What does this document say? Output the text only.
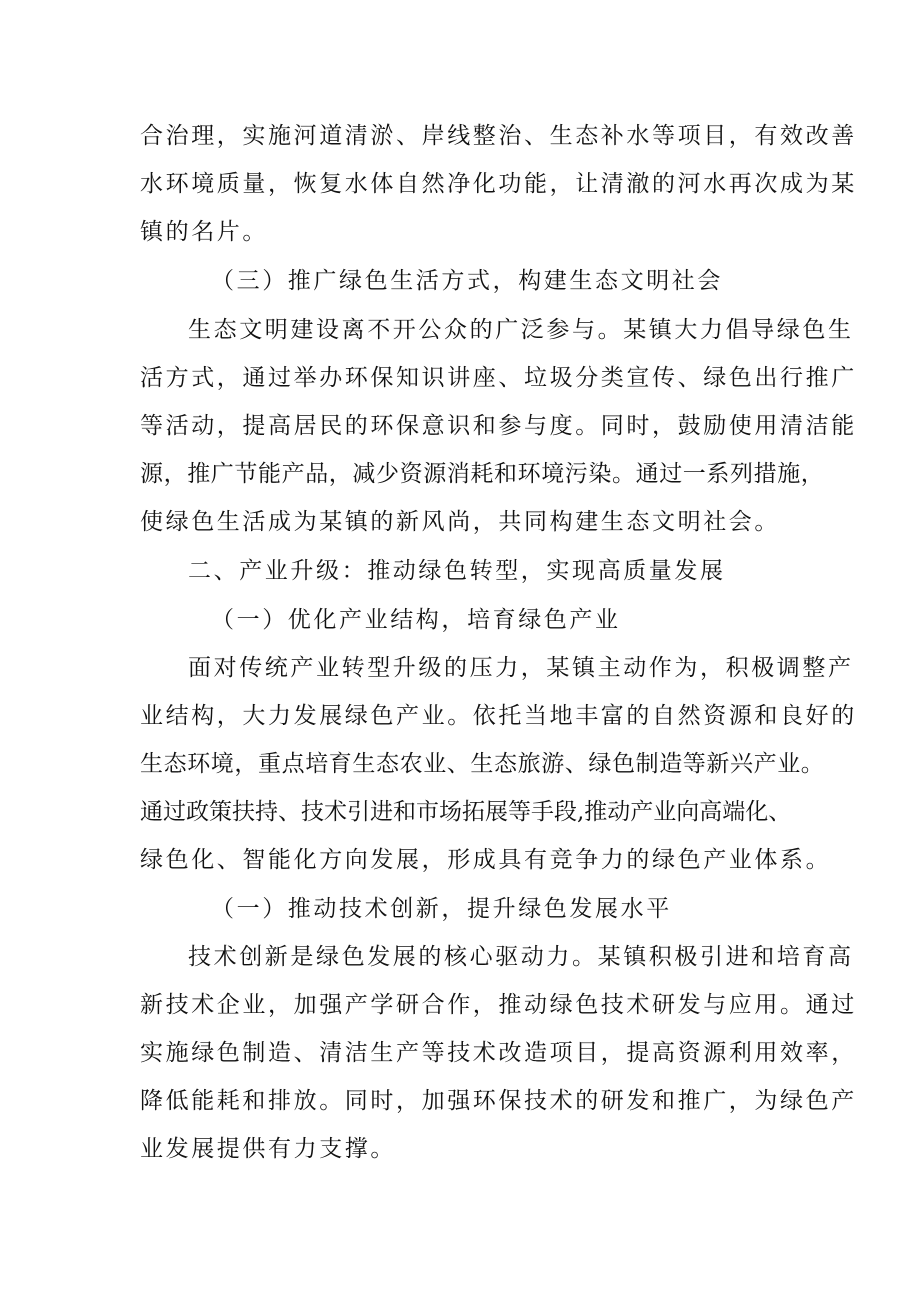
合治理，实施河道清淤、岸线整治、生态补水等项目，有效改善
水环境质量，恢复水体自然净化功能，让清澈的河水再次成为某
镇的名片。
（三）推广绿色生活方式，构建生态文明社会
生态文明建设离不开公众的广泛参与。某镇大力倡导绿色生
活方式，通过举办环保知识讲座、垃圾分类宣传、绿色出行推广
等活动，提高居民的环保意识和参与度。同时，鼓励使用清洁能
源，推广节能产品，减少资源消耗和环境污染。通过一系列措施，
使绿色生活成为某镇的新风尚，共同构建生态文明社会。
二、产业升级：推动绿色转型，实现高质量发展
（一）优化产业结构，培育绿色产业
面对传统产业转型升级的压力，某镇主动作为，积极调整产
业结构，大力发展绿色产业。依托当地丰富的自然资源和良好的
生态环境，重点培育生态农业、生态旅游、绿色制造等新兴产业。
通过政策扶持、技术引进和市场拓展等手段,推动产业向高端化、
绿色化、智能化方向发展，形成具有竞争力的绿色产业体系。
（一）推动技术创新，提升绿色发展水平
技术创新是绿色发展的核心驱动力。某镇积极引进和培育高
新技术企业，加强产学研合作，推动绿色技术研发与应用。通过
实施绿色制造、清洁生产等技术改造项目，提高资源利用效率，
降低能耗和排放。同时，加强环保技术的研发和推广，为绿色产
业发展提供有力支撑。
